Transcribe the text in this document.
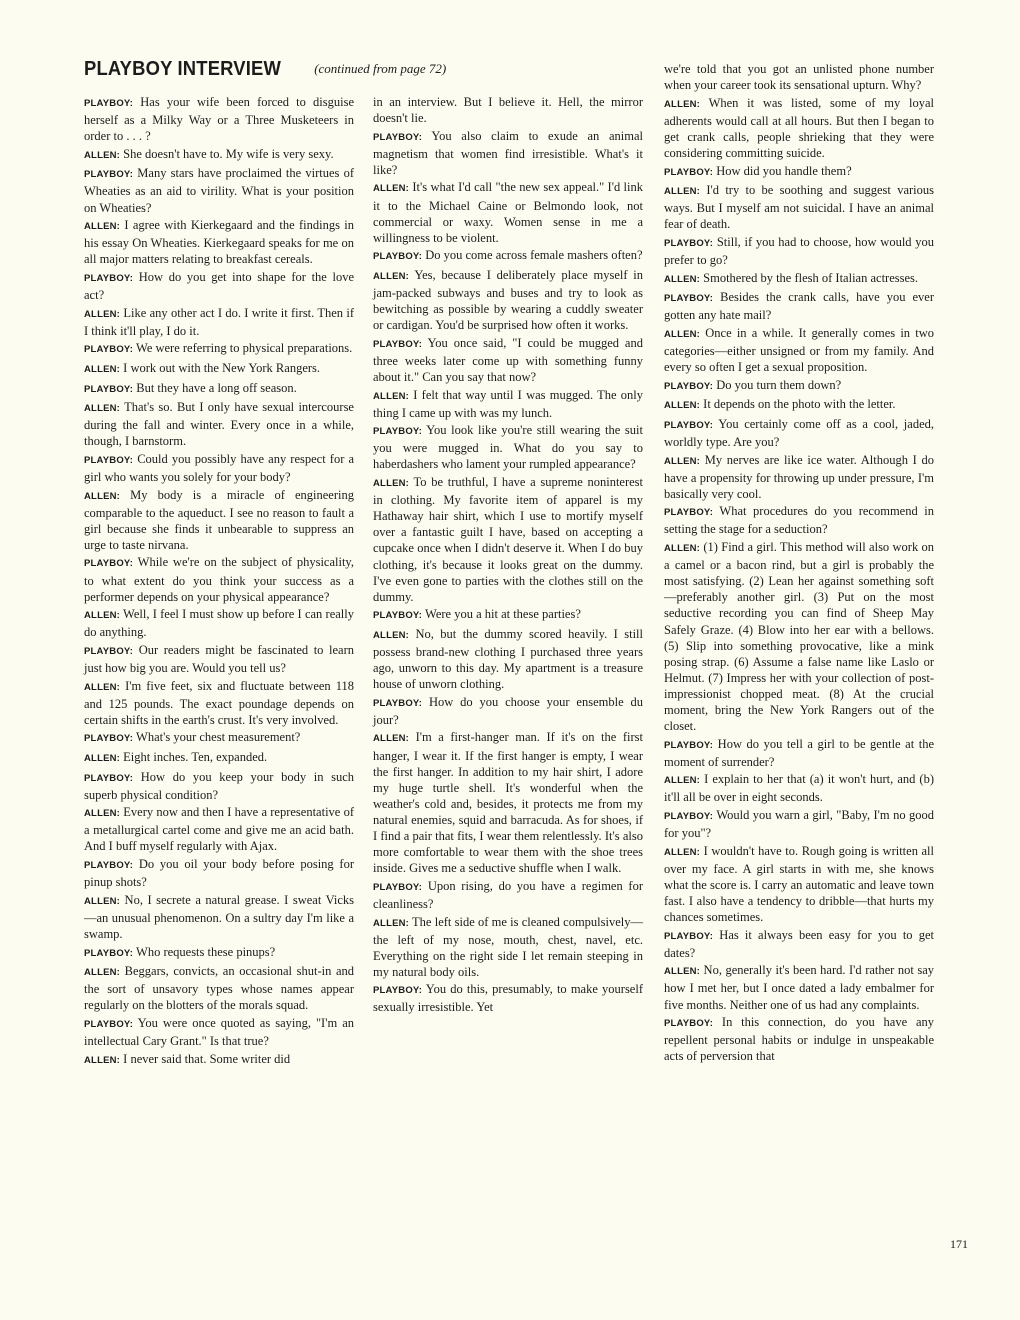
PLAYBOY INTERVIEW	(continued from page 72)

PLAYBOY: Has your wife been forced to disguise herself as a Milky Way or a Three Musketeers in order to . . . ?

ALLEN: She doesn't have to. My wife is very sexy.

PLAYBOY: Many stars have proclaimed the virtues of Wheaties as an aid to virility. What is your position on Wheaties?

ALLEN: I agree with Kierkegaard and the findings in his essay On Wheaties. Kierkegaard speaks for me on all major matters relating to breakfast cereals.

PLAYBOY: How do you get into shape for the love act?

ALLEN: Like any other act I do. I write it first. Then if I think it'll play, I do it.

PLAYBOY: We were referring to physical preparations.

ALLEN: I work out with the New York Rangers.

PLAYBOY: But they have a long off season.

ALLEN: That's so. But I only have sexual intercourse during the fall and winter. Every once in a while, though, I barnstorm.

PLAYBOY: Could you possibly have any respect for a girl who wants you solely for your body?

ALLEN: My body is a miracle of engineering comparable to the aqueduct. I see no reason to fault a girl because she finds it unbearable to suppress an urge to taste nirvana.

PLAYBOY: While we're on the subject of physicality, to what extent do you think your success as a performer depends on your physical appearance?

ALLEN: Well, I feel I must show up before I can really do anything.

PLAYBOY: Our readers might be fascinated to learn just how big you are. Would you tell us?

ALLEN: I'm five feet, six and fluctuate between 118 and 125 pounds. The exact poundage depends on certain shifts in the earth's crust. It's very involved.

PLAYBOY: What's your chest measurement?

ALLEN: Eight inches. Ten, expanded.

PLAYBOY: How do you keep your body in such superb physical condition?

ALLEN: Every now and then I have a representative of a metallurgical cartel come and give me an acid bath. And I buff myself regularly with Ajax.

PLAYBOY: Do you oil your body before posing for pinup shots?

ALLEN: No, I secrete a natural grease. I sweat Vicks—an unusual phenomenon. On a sultry day I'm like a swamp.

PLAYBOY: Who requests these pinups?

ALLEN: Beggars, convicts, an occasional shut-in and the sort of unsavory types whose names appear regularly on the blotters of the morals squad.

PLAYBOY: You were once quoted as saying, "I'm an intellectual Cary Grant." Is that true?

ALLEN: I never said that. Some writer did

in an interview. But I believe it. Hell, the mirror doesn't lie.

PLAYBOY: You also claim to exude an animal magnetism that women find irresistible. What's it like?

ALLEN: It's what I'd call "the new sex appeal." I'd link it to the Michael Caine or Belmondo look, not commercial or waxy. Women sense in me a willingness to be violent.

PLAYBOY: Do you come across female mashers often?

ALLEN: Yes, because I deliberately place myself in jam-packed subways and buses and try to look as bewitching as possible by wearing a cuddly sweater or cardigan. You'd be surprised how often it works.

PLAYBOY: You once said, "I could be mugged and three weeks later come up with something funny about it." Can you say that now?

ALLEN: I felt that way until I was mugged. The only thing I came up with was my lunch.

PLAYBOY: You look like you're still wearing the suit you were mugged in. What do you say to haberdashers who lament your rumpled appearance?

ALLEN: To be truthful, I have a supreme noninterest in clothing. My favorite item of apparel is my Hathaway hair shirt, which I use to mortify myself over a fantastic guilt I have, based on accepting a cupcake once when I didn't deserve it. When I do buy clothing, it's because it looks great on the dummy. I've even gone to parties with the clothes still on the dummy.

PLAYBOY: Were you a hit at these parties?

ALLEN: No, but the dummy scored heavily. I still possess brand-new clothing I purchased three years ago, unworn to this day. My apartment is a treasure house of unworn clothing.

PLAYBOY: How do you choose your ensemble du jour?

ALLEN: I'm a first-hanger man. If it's on the first hanger, I wear it. If the first hanger is empty, I wear the first hanger. In addition to my hair shirt, I adore my huge turtle shell. It's wonderful when the weather's cold and, besides, it protects me from my natural enemies, squid and barracuda. As for shoes, if I find a pair that fits, I wear them relentlessly. It's also more comfortable to wear them with the shoe trees inside. Gives me a seductive shuffle when I walk.

PLAYBOY: Upon rising, do you have a regimen for cleanliness?

ALLEN: The left side of me is cleaned compulsively—the left of my nose, mouth, chest, navel, etc. Everything on the right side I let remain steeping in my natural body oils.

PLAYBOY: You do this, presumably, to make yourself sexually irresistible. Yet

we're told that you got an unlisted phone number when your career took its sensational upturn. Why?

ALLEN: When it was listed, some of my loyal adherents would call at all hours. But then I began to get crank calls, people shrieking that they were considering committing suicide.

PLAYBOY: How did you handle them?

ALLEN: I'd try to be soothing and suggest various ways. But I myself am not suicidal. I have an animal fear of death.

PLAYBOY: Still, if you had to choose, how would you prefer to go?

ALLEN: Smothered by the flesh of Italian actresses.

PLAYBOY: Besides the crank calls, have you ever gotten any hate mail?

ALLEN: Once in a while. It generally comes in two categories—either unsigned or from my family. And every so often I get a sexual proposition.

PLAYBOY: Do you turn them down?

ALLEN: It depends on the photo with the letter.

PLAYBOY: You certainly come off as a cool, jaded, worldly type. Are you?

ALLEN: My nerves are like ice water. Although I do have a propensity for throwing up under pressure, I'm basically very cool.

PLAYBOY: What procedures do you recommend in setting the stage for a seduction?

ALLEN: (1) Find a girl. This method will also work on a camel or a bacon rind, but a girl is probably the most satisfying. (2) Lean her against something soft—preferably another girl. (3) Put on the most seductive recording you can find of Sheep May Safely Graze. (4) Blow into her ear with a bellows. (5) Slip into something provocative, like a mink posing strap. (6) Assume a false name like Laslo or Helmut. (7) Impress her with your collection of post-impressionist chopped meat. (8) At the crucial moment, bring the New York Rangers out of the closet.

PLAYBOY: How do you tell a girl to be gentle at the moment of surrender?

ALLEN: I explain to her that (a) it won't hurt, and (b) it'll all be over in eight seconds.

PLAYBOY: Would you warn a girl, "Baby, I'm no good for you"?

ALLEN: I wouldn't have to. Rough going is written all over my face. A girl starts in with me, she knows what the score is. I carry an automatic and leave town fast. I also have a tendency to dribble—that hurts my chances sometimes.

PLAYBOY: Has it always been easy for you to get dates?

ALLEN: No, generally it's been hard. I'd rather not say how I met her, but I once dated a lady embalmer for five months. Neither one of us had any complaints.

PLAYBOY: In this connection, do you have any repellent personal habits or indulge in unspeakable acts of perversion that

171
